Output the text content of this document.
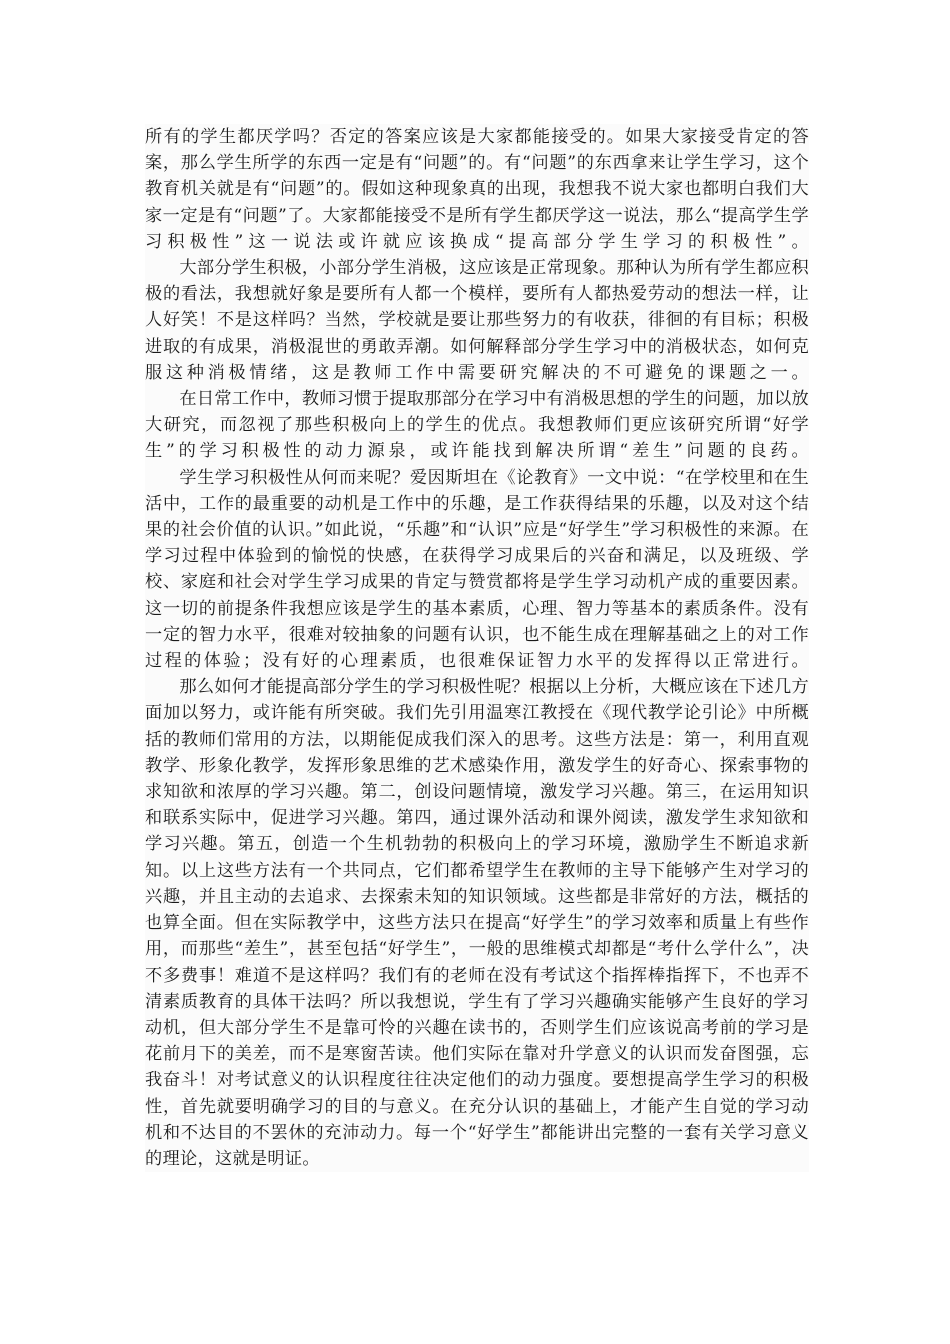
所有的学生都厌学吗？否定的答案应该是大家都能接受的。如果大家接受肯定的答案，那么学生所学的东西一定是有“问题”的。有“问题”的东西拿来让学生学习，这个教育机关就是有“问题”的。假如这种现象真的出现，我想我不说大家也都明白我们大家一定是有“问题”了。大家都能接受不是所有学生都厌学这一说法，那么“提高学生学习积极性”这一说法或许就应该换成“提高部分学生学习的积极性”。

大部分学生积极，小部分学生消极，这应该是正常现象。那种认为所有学生都应积极的看法，我想就好象是要所有人都一个模样，要所有人都热爱劳动的想法一样，让人好笑！不是这样吗？当然，学校就是要让那些努力的有收获，徘徊的有目标；积极进取的有成果，消极混世的勇敢弄潮。如何解释部分学生学习中的消极状态，如何克服这种消极情绪，这是教师工作中需要研究解决的不可避免的课题之一。

在日常工作中，教师习惯于提取那部分在学习中有消极思想的学生的问题，加以放大研究，而忽视了那些积极向上的学生的优点。我想教师们更应该研究所谓“好学生”的学习积极性的动力源泉，或许能找到解决所谓“差生”问题的良药。

学生学习积极性从何而来呢？爱因斯坦在《论教育》一文中说：“在学校里和在生活中，工作的最重要的动机是工作中的乐趣，是工作获得结果的乐趣，以及对这个结果的社会价值的认识。”如此说，“乐趣”和“认识”应是“好学生”学习积极性的来源。在学习过程中体验到的愉悦的快感，在获得学习成果后的兴奋和满足，以及班级、学校、家庭和社会对学生学习成果的肯定与赞赏都将是学生学习动机产成的重要因素。这一切的前提条件我想应该是学生的基本素质，心理、智力等基本的素质条件。没有一定的智力水平，很难对较抽象的问题有认识，也不能生成在理解基础之上的对工作过程的体验；没有好的心理素质，也很难保证智力水平的发挥得以正常进行。

那么如何才能提高部分学生的学习积极性呢？根据以上分析，大概应该在下述几方面加以努力，或许能有所突破。我们先引用温寒江教授在《现代教学论引论》中所概括的教师们常用的方法，以期能促成我们深入的思考。这些方法是：第一，利用直观教学、形象化教学，发挥形象思维的艺术感染作用，激发学生的好奇心、探索事物的求知欲和浓厚的学习兴趣。第二，创设问题情境，激发学习兴趣。第三，在运用知识和联系实际中，促进学习兴趣。第四，通过课外活动和课外阅读，激发学生求知欲和学习兴趣。第五，创造一个生机勃勃的积极向上的学习环境，激励学生不断追求新知。以上这些方法有一个共同点，它们都希望学生在教师的主导下能够产生对学习的兴趣，并且主动的去追求、去探索未知的知识领域。这些都是非常好的方法，概括的也算全面。但在实际教学中，这些方法只在提高“好学生”的学习效率和质量上有些作用，而那些“差生”，甚至包括“好学生”，一般的思维模式却都是“考什么学什么”，决不多费事！难道不是这样吗？我们有的老师在没有考试这个指挥棒指挥下，不也弄不清素质教育的具体干法吗？所以我想说，学生有了学习兴趣确实能够产生良好的学习动机，但大部分学生不是靠可怜的兴趣在读书的，否则学生们应该说高考前的学习是花前月下的美差，而不是寒窗苦读。他们实际在靠对升学意义的认识而发奋图强，忘我奋斗！对考试意义的认识程度往往决定他们的动力强度。要想提高学生学习的积极性，首先就要明确学习的目的与意义。在充分认识的基础上，才能产生自觉的学习动机和不达目的不罢休的充沛动力。每一个“好学生”都能讲出完整的一套有关学习意义的理论，这就是明证。
